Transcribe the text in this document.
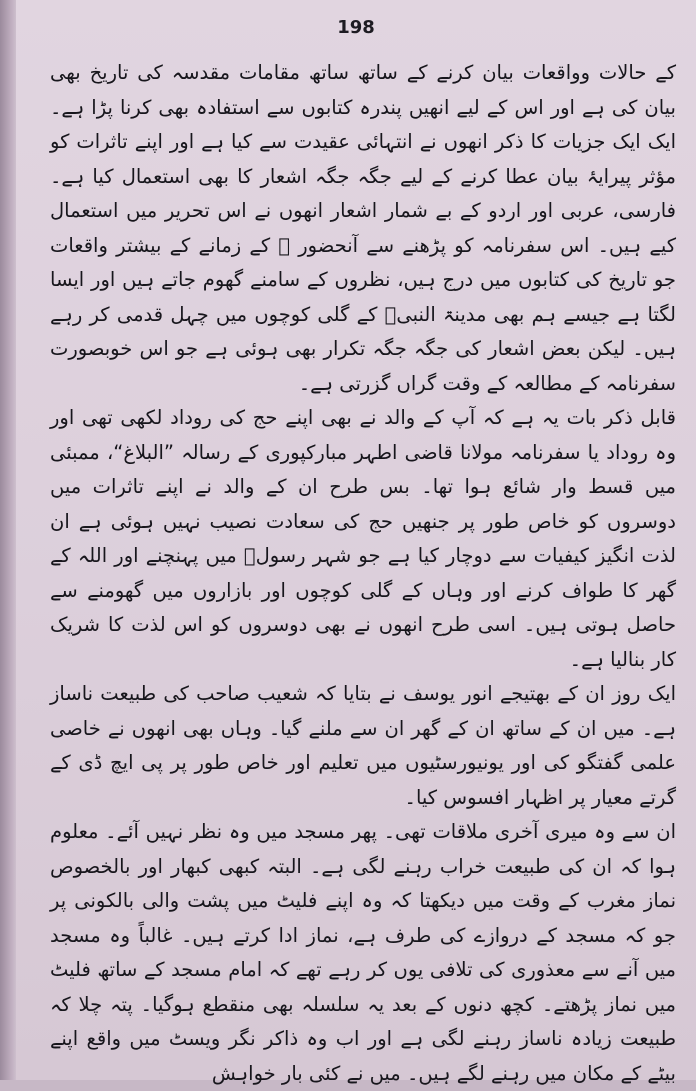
198

کے حالات وواقعات بیان کرنے کے ساتھ ساتھ مقامات مقدسہ کی تاریخ بھی بیان کی ہے اور اس کے لیے انھیں پندرہ کتابوں سے استفادہ بھی کرنا پڑا ہے۔ ایک ایک جزیات کا ذکر انھوں نے انتہائی عقیدت سے کیا ہے اور اپنے تاثرات کو مؤثر پیرایۂ بیان عطا کرنے کے لیے جگہ جگہ اشعار کا بھی استعمال کیا ہے۔ فارسی، عربی اور اردو کے بے شمار اشعار انھوں نے اس تحریر میں استعمال کیے ہیں۔ اس سفرنامہ کو پڑھنے سے آنحضور ﷺ کے زمانے کے بیشتر واقعات جو تاریخ کی کتابوں میں درج ہیں، نظروں کے سامنے گھوم جاتے ہیں اور ایسا لگتا ہے جیسے ہم بھی مدینۃ النبیؐ کے گلی کوچوں میں چہل قدمی کر رہے ہیں۔ لیکن بعض اشعار کی جگہ جگہ تکرار بھی ہوئی ہے جو اس خوبصورت سفرنامہ کے مطالعہ کے وقت گراں گزرتی ہے۔

قابل ذکر بات یہ ہے کہ آپ کے والد نے بھی اپنے حج کی روداد لکھی تھی اور وہ روداد یا سفرنامہ مولانا قاضی اطہر مبارکپوری کے رسالہ ”البلاغ“، ممبئی میں قسط وار شائع ہوا تھا۔ بس طرح ان کے والد نے اپنے تاثرات میں دوسروں کو خاص طور پر جنھیں حج کی سعادت نصیب نہیں ہوئی ہے ان لذت انگیز کیفیات سے دوچار کیا ہے جو شہر رسولؐ میں پہنچنے اور اللہ کے گھر کا طواف کرنے اور وہاں کے گلی کوچوں اور بازاروں میں گھومنے سے حاصل ہوتی ہیں۔ اسی طرح انھوں نے بھی دوسروں کو اس لذت کا شریک کار بنالیا ہے۔

ایک روز ان کے بھتیجے انور یوسف نے بتایا کہ شعیب صاحب کی طبیعت ناساز ہے۔ میں ان کے ساتھ ان کے گھر ان سے ملنے گیا۔ وہاں بھی انھوں نے خاصی علمی گفتگو کی اور یونیورسٹیوں میں تعلیم اور خاص طور پر پی ایچ ڈی کے گرتے معیار پر اظہار افسوس کیا۔

ان سے وہ میری آخری ملاقات تھی۔ پھر مسجد میں وہ نظر نہیں آئے۔ معلوم ہوا کہ ان کی طبیعت خراب رہنے لگی ہے۔ البتہ کبھی کبھار اور بالخصوص نماز مغرب کے وقت میں دیکھتا کہ وہ اپنے فلیٹ میں پشت والی بالکونی پر جو کہ مسجد کے دروازے کی طرف ہے، نماز ادا کرتے ہیں۔ غالباً وہ مسجد میں آنے سے معذوری کی تلافی یوں کر رہے تھے کہ امام مسجد کے ساتھ فلیٹ میں نماز پڑھتے۔ کچھ دنوں کے بعد یہ سلسلہ بھی منقطع ہوگیا۔ پتہ چلا کہ طبیعت زیادہ ناساز رہنے لگی ہے اور اب وہ ذاکر نگر ویسٹ میں واقع اپنے بیٹے کے مکان میں رہنے لگے ہیں۔ میں نے کئی بار خواہش
